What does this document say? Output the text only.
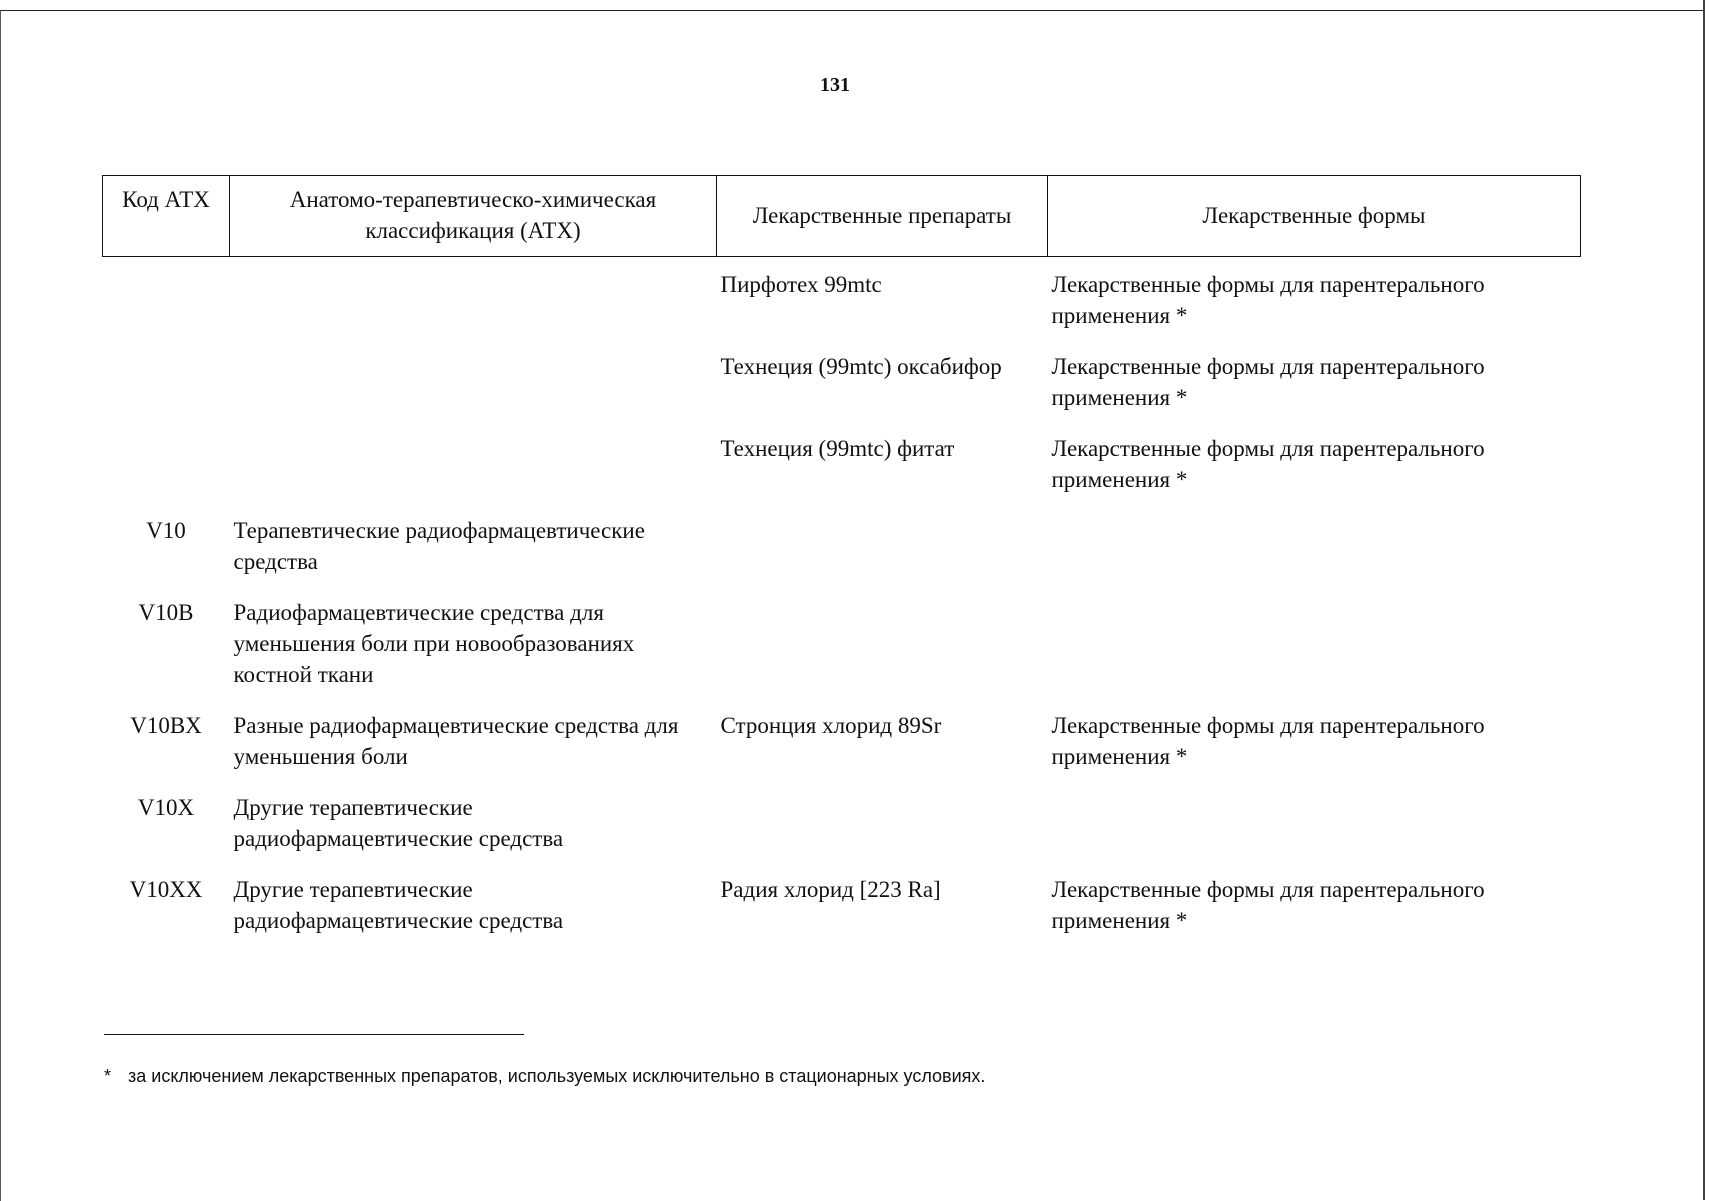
131
Код АТХ	Анатомо-терапевтическо-химическая классификация (АТХ)	Лекарственные препараты	Лекарственные формы
		Пирфотех 99mtc	Лекарственные формы для парентерального применения *
		Технеция (99mtc) оксабифор	Лекарственные формы для парентерального применения *
		Технеция (99mtc) фитат	Лекарственные формы для парентерального применения *
V10	Терапевтические радиофармацевтические средства		
V10B	Радиофармацевтические средства для уменьшения боли при новообразованиях костной ткани		
V10BX	Разные радиофармацевтические средства для уменьшения боли	Стронция хлорид 89Sr	Лекарственные формы для парентерального применения *
V10X	Другие терапевтические радиофармацевтические средства		
V10XX	Другие терапевтические радиофармацевтические средства	Радия хлорид [223 Ra]	Лекарственные формы для парентерального применения *
* за исключением лекарственных препаратов, используемых исключительно в стационарных условиях.
